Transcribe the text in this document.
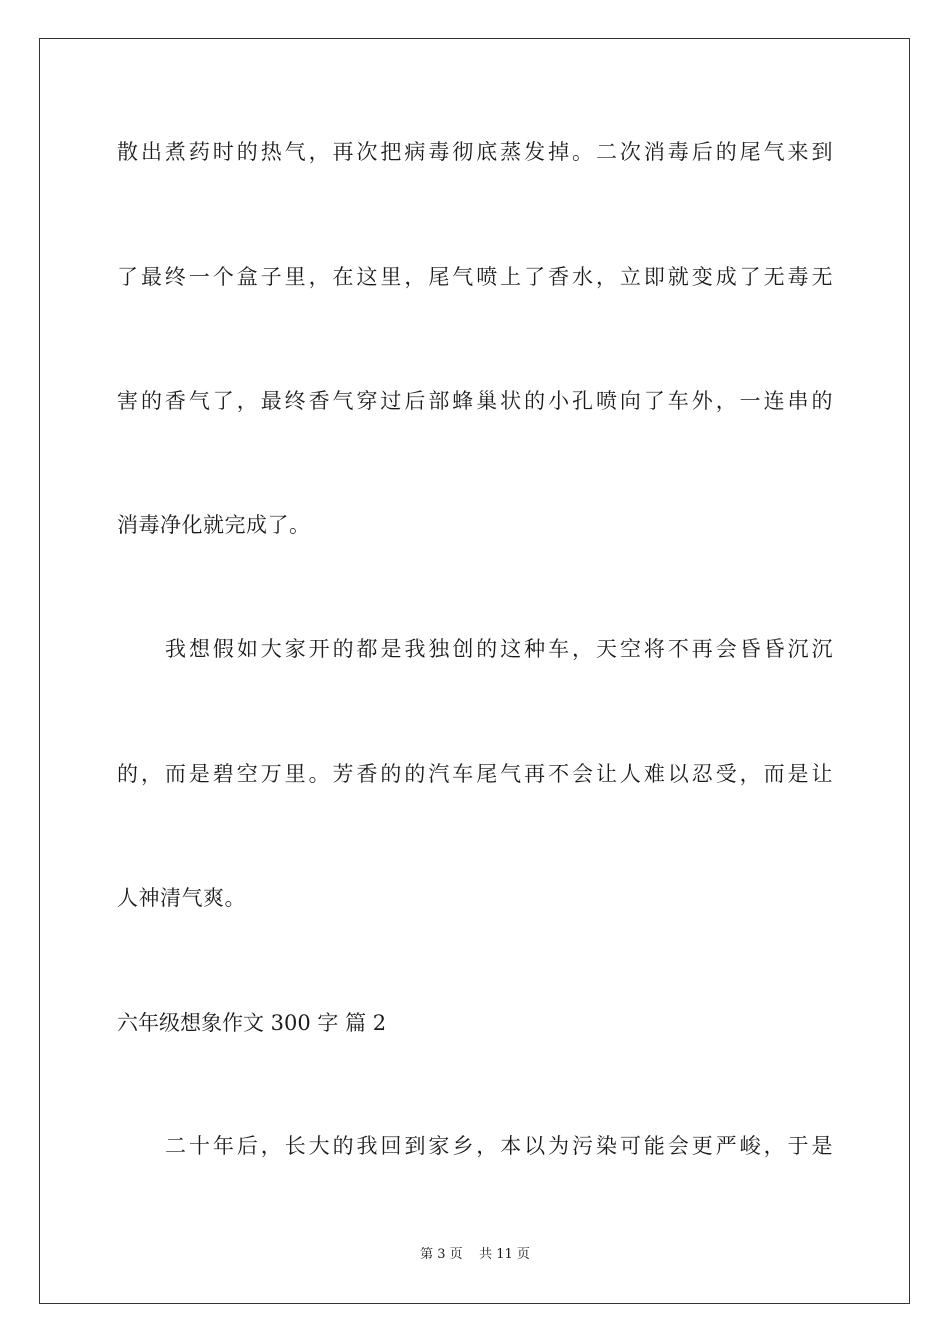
散出煮药时的热气，再次把病毒彻底蒸发掉。二次消毒后的尾气来到
了最终一个盒子里，在这里，尾气喷上了香水，立即就变成了无毒无
害的香气了，最终香气穿过后部蜂巢状的小孔喷向了车外，一连串的
消毒净化就完成了。
我想假如大家开的都是我独创的这种车，天空将不再会昏昏沉沉
的，而是碧空万里。芳香的的汽车尾气再不会让人难以忍受，而是让
人神清气爽。
六年级想象作文 300 字 篇 2
二十年后，长大的我回到家乡，本以为污染可能会更严峻，于是
第 3 页    共 11 页
